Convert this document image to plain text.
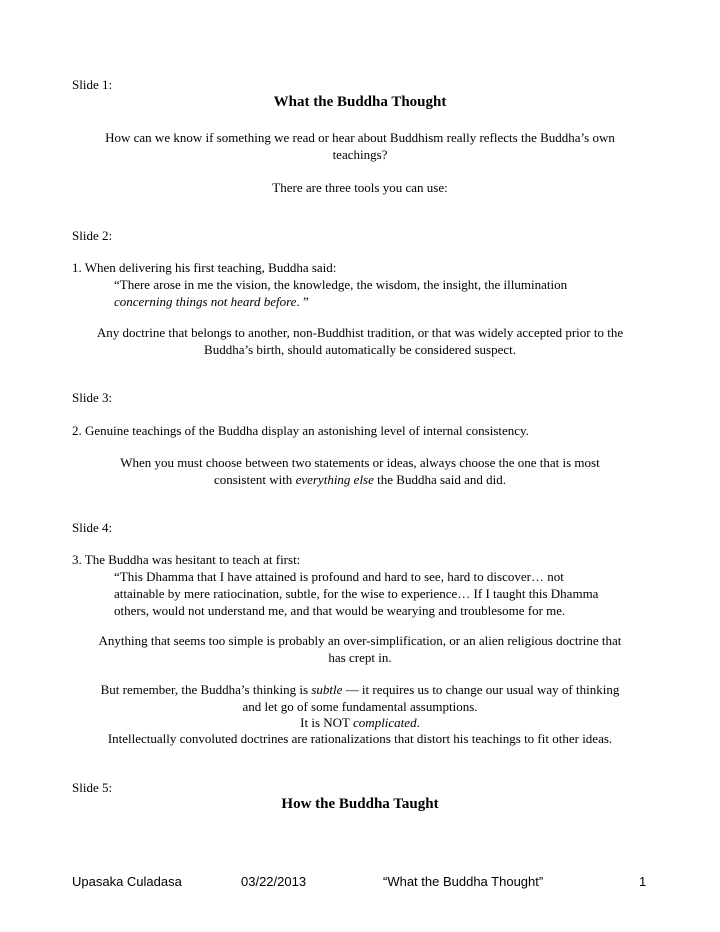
Slide 1:
What the Buddha Thought
How can we know if something we read or hear about Buddhism really reflects the Buddha’s own
teachings?
There are three tools you can use:
Slide 2:
1. When delivering his first teaching, Buddha said:
“There arose in me the vision, the knowledge, the wisdom, the insight, the illumination
concerning things not heard before. ”
Any doctrine that belongs to another, non-Buddhist tradition, or that was widely accepted prior to the
Buddha’s birth, should automatically be considered suspect.
Slide 3:
2. Genuine teachings of the Buddha display an astonishing level of internal consistency.
When you must choose between two statements or ideas, always choose the one that is most
consistent with everything else the Buddha said and did.
Slide 4:
3. The Buddha was hesitant to teach at first:
“This Dhamma that I have attained is profound and hard to see, hard to discover… not
attainable by mere ratiocination, subtle, for the wise to experience… If I taught this Dhamma
others, would not understand me, and that would be wearying and troublesome for me.
Anything that seems too simple is probably an over-simplification, or an alien religious doctrine that
has crept in.
But remember, the Buddha’s thinking is subtle — it requires us to change our usual way of thinking
and let go of some fundamental assumptions.
It is NOT complicated.
Intellectually convoluted doctrines are rationalizations that distort his teachings to fit other ideas.
Slide 5:
How the Buddha Taught
Upasaka Culadasa	03/22/2013	“What the Buddha Thought”	1
